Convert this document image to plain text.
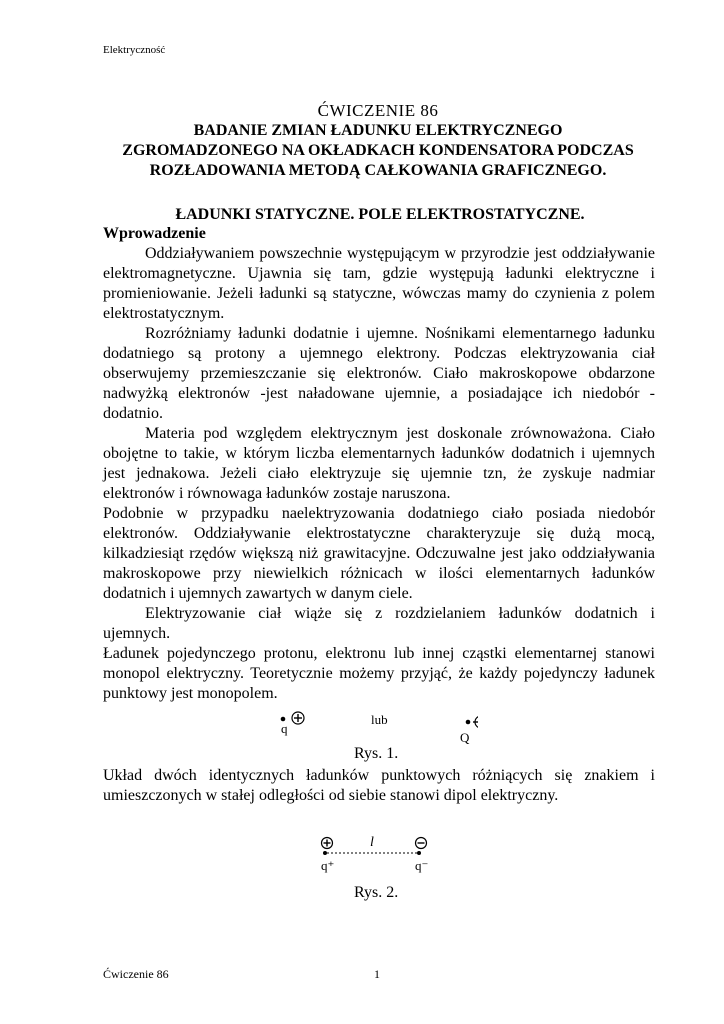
Elektryczność
ĆWICZENIE 86
BADANIE ZMIAN ŁADUNKU ELEKTRYCZNEGO
ZGROMADZONEGO NA OKŁADKACH KONDENSATORA PODCZAS
ROZŁADOWANIA METODĄ CAŁKOWANIA GRAFICZNEGO.
ŁADUNKI STATYCZNE. POLE ELEKTROSTATYCZNE.

Wprowadzenie

Oddziaływaniem powszechnie występującym w przyrodzie jest oddziaływanie elektromagnetyczne. Ujawnia się tam, gdzie występują ładunki elektryczne i promieniowanie. Jeżeli ładunki są statyczne, wówczas mamy do czynienia z polem elektrostatycznym.

Rozróżniamy ładunki dodatnie i ujemne. Nośnikami elementarnego ładunku dodatniego są protony a ujemnego elektrony. Podczas elektryzowania ciał obserwujemy przemieszczanie się elektronów. Ciało makroskopowe obdarzone nadwyżką elektronów -jest naładowane ujemnie, a posiadające ich niedobór - dodatnio.

Materia pod względem elektrycznym jest doskonale zrównoważona. Ciało obojętne to takie, w którym liczba elementarnych ładunków dodatnich i ujemnych jest jednakowa. Jeżeli ciało elektryzuje się ujemnie tzn, że zyskuje nadmiar elektronów i równowaga ładunków zostaje naruszona.

Podobnie w przypadku naelektryzowania dodatniego ciało posiada niedobór elektronów. Oddziaływanie elektrostatyczne charakteryzuje się dużą mocą, kilkadziesiąt rzędów większą niż grawitacyjne. Odczuwalne jest jako oddziaływania makroskopowe przy niewielkich różnicach w ilości elementarnych ładunków dodatnich i ujemnych zawartych w danym ciele.

Elektryzowanie ciał wiąże się z rozdzielaniem ładunków dodatnich i ujemnych.

Ładunek pojedynczego protonu, elektronu lub innej cząstki elementarnej stanowi monopol elektryczny. Teoretycznie możemy przyjąć, że każdy pojedynczy ładunek punktowy jest monopolem.

q
lub
Q
Rys. 1.

Układ dwóch identycznych ładunków punktowych różniących się znakiem i umieszczonych w stałej odległości od siebie stanowi dipol elektryczny.

l
q⁺	q⁻
Rys. 2.
Ćwiczenie 86	1
